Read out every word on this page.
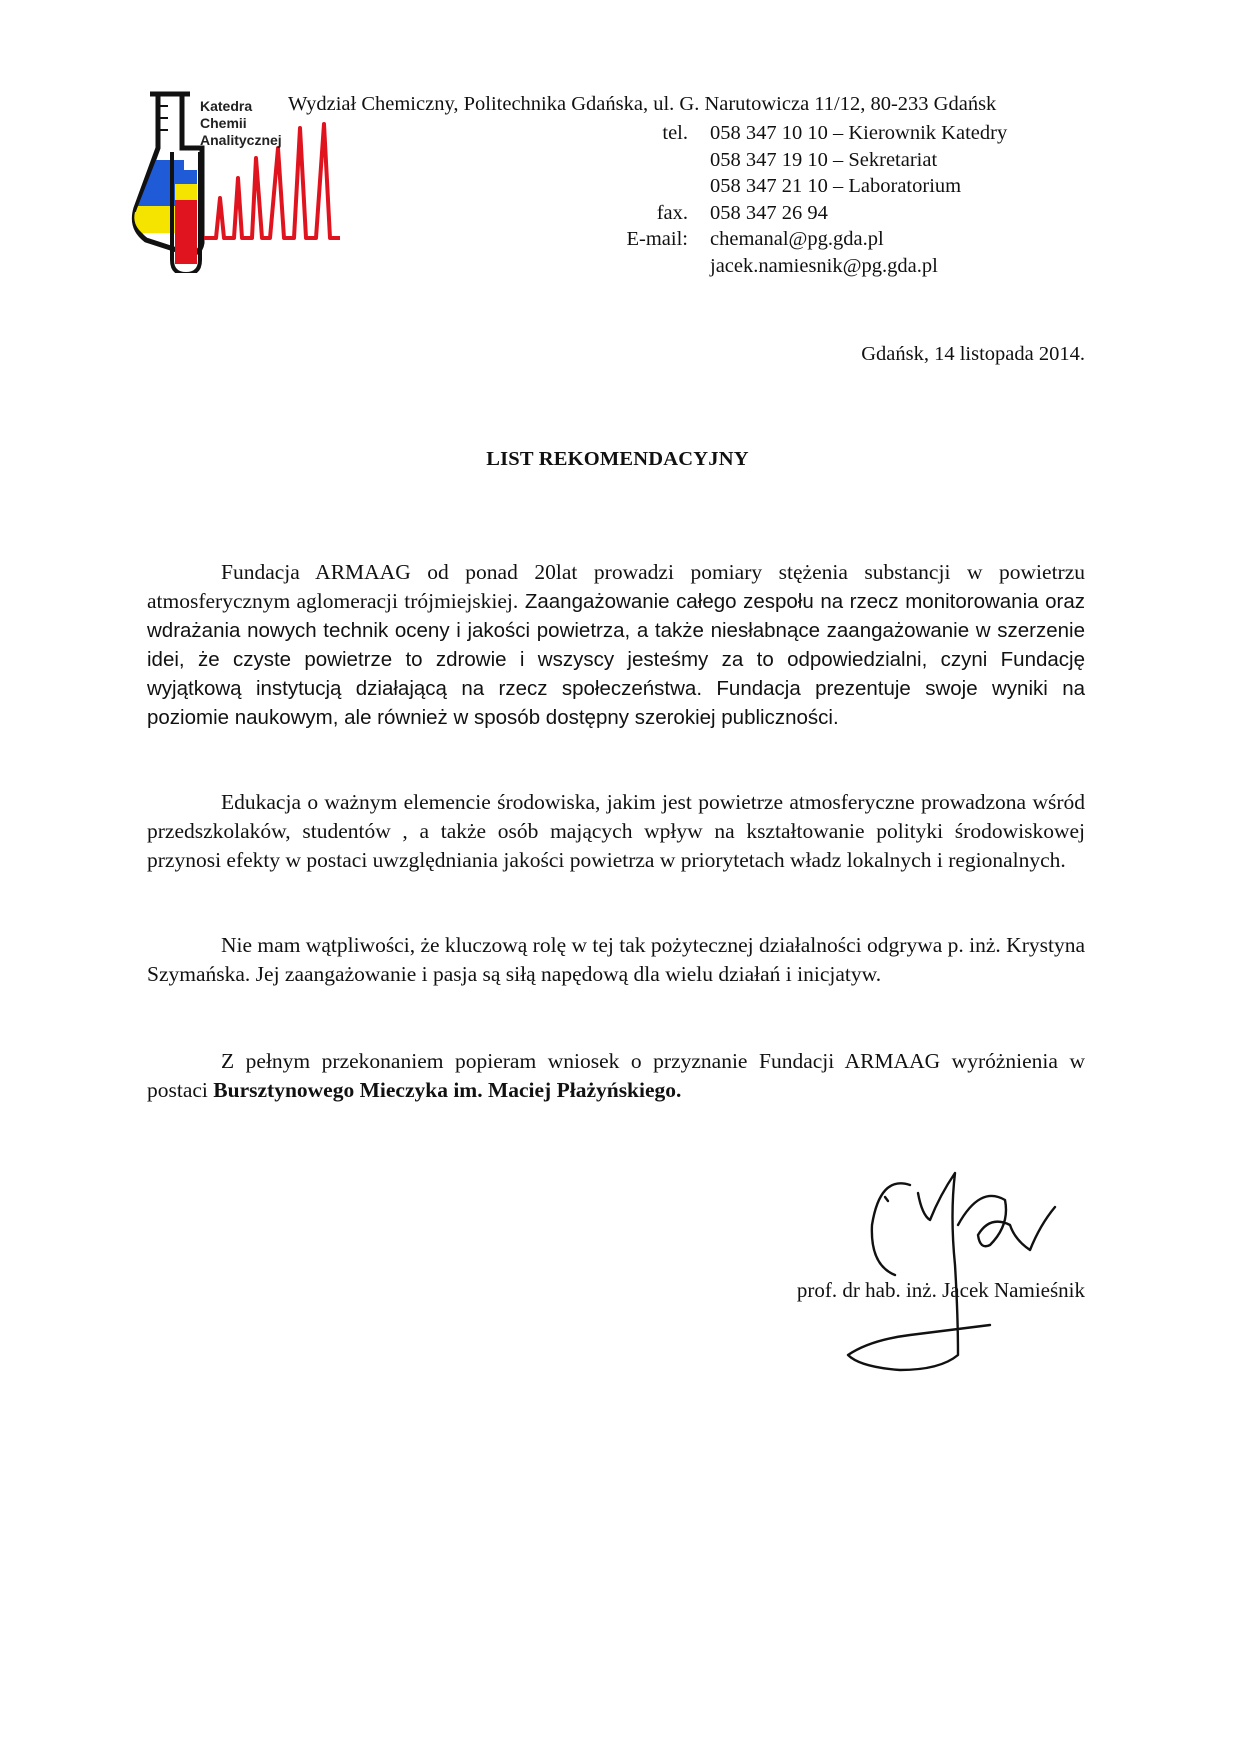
Katedra
Chemii
Analitycznej
Wydział Chemiczny, Politechnika Gdańska, ul. G. Narutowicza 11/12, 80-233 Gdańsk
tel.	058 347 10 10 – Kierownik Katedry
058 347 19 10 – Sekretariat
058 347 21 10 – Laboratorium
fax.	058 347 26 94
E-mail:	chemanal@pg.gda.pl
jacek.namiesnik@pg.gda.pl
Gdańsk, 14 listopada 2014.
LIST REKOMENDACYJNY

Fundacja ARMAAG od ponad 20lat prowadzi pomiary stężenia substancji w powietrzu atmosferycznym aglomeracji trójmiejskiej. Zaangażowanie całego zespołu na rzecz monitorowania oraz wdrażania nowych technik oceny i jakości powietrza, a także niesłabnące zaangażowanie w szerzenie idei, że czyste powietrze to zdrowie i wszyscy jesteśmy za to odpowiedzialni, czyni Fundację wyjątkową instytucją działającą na rzecz społeczeństwa. Fundacja prezentuje swoje wyniki na poziomie naukowym, ale również w sposób dostępny szerokiej publiczności.

Edukacja o ważnym elemencie środowiska, jakim jest powietrze atmosferyczne prowadzona wśród przedszkolaków, studentów , a także osób mających wpływ na kształtowanie polityki środowiskowej przynosi efekty w postaci uwzględniania jakości powietrza w priorytetach władz lokalnych i regionalnych.

Nie mam wątpliwości, że kluczową rolę w tej tak pożytecznej działalności odgrywa p. inż. Krystyna Szymańska. Jej zaangażowanie i pasja są siłą napędową dla wielu działań i inicjatyw.

Z pełnym przekonaniem popieram wniosek o przyznanie Fundacji ARMAAG wyróżnienia w postaci Bursztynowego Mieczyka im. Maciej Płażyńskiego.

prof. dr hab. inż. Jacek Namieśnik
